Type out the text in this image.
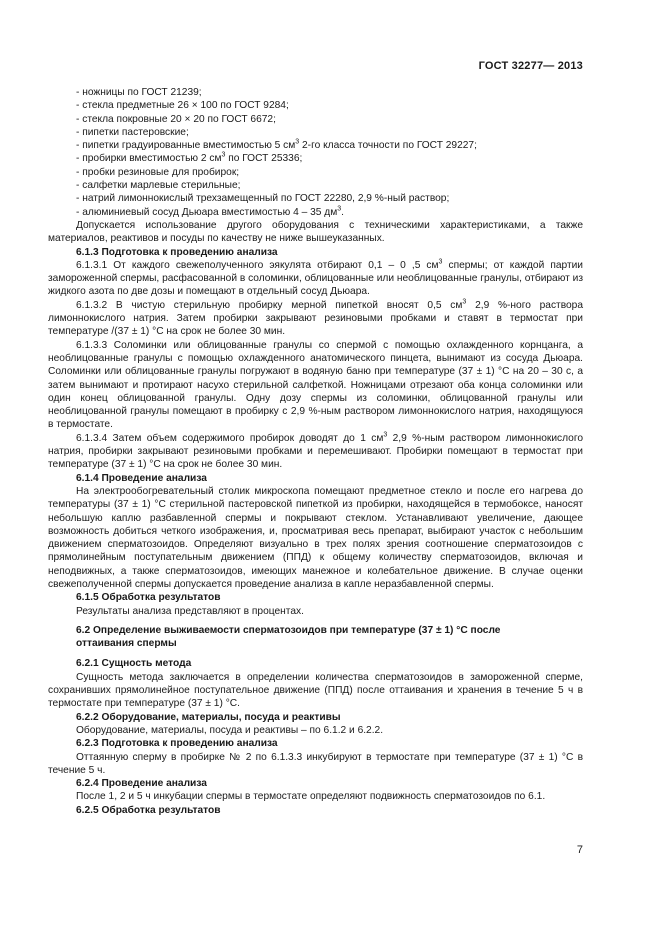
ГОСТ 32277— 2013
- ножницы по ГОСТ 21239;
- стекла предметные 26 × 100 по ГОСТ 9284;
- стекла покровные 20 × 20 по ГОСТ 6672;
- пипетки пастеровские;
- пипетки градуированные вместимостью 5 $см^3$ 2-го класса точности по ГОСТ 29227;
- пробирки вместимостью 2 $см^3$ по ГОСТ 25336;
- пробки резиновые для пробирок;
- салфетки марлевые стерильные;
- натрий лимоннокислый трехзамещенный по ГОСТ 22280, 2,9 %-ный раствор;
- алюминиевый сосуд Дьюара вместимостью 4 – 35 $дм^3$.
Допускается использование другого оборудования с техническими характеристиками, а также материалов, реактивов и посуды по качеству не ниже вышеуказанных.
6.1.3 Подготовка к проведению анализа
6.1.3.1 От каждого свежеполученного эякулята отбирают 0,1 – 0 ,5 $см^3$ спермы; от каждой партии замороженной спермы, расфасованной в соломинки, облицованные или необлицованные гранулы, отбирают из жидкого азота по две дозы и помещают в отдельный сосуд Дьюара.
6.1.3.2 В чистую стерильную пробирку мерной пипеткой вносят 0,5 $см^3$ 2,9 %-ного раствора лимоннокислого натрия. Затем пробирки закрывают резиновыми пробками и ставят в термостат при температуре /(37 ± 1) °С на срок не более 30 мин.
6.1.3.3 Соломинки или облицованные гранулы со спермой с помощью охлажденного корнцанга, а необлицованные гранулы с помощью охлажденного анатомического пинцета, вынимают из сосуда Дьюара. Соломинки или облицованные гранулы погружают в водяную баню при температуре (37 ± 1) °С на 20 – 30 с, а затем вынимают и протирают насухо стерильной салфеткой. Ножницами отрезают оба конца соломинки или один конец облицованной гранулы. Одну дозу спермы из соломинки, облицованной гранулы или необлицованной гранулы помещают в пробирку с 2,9 %-ным раствором лимоннокислого натрия, находящуюся в термостате.
6.1.3.4 Затем объем содержимого пробирок доводят до 1 $см^3$ 2,9 %-ным раствором лимоннокислого натрия, пробирки закрывают резиновыми пробками и перемешивают. Пробирки помещают в термостат при температуре (37 ± 1) °С на срок не более 30 мин.
6.1.4 Проведение анализа
На электрообогревательный столик микроскопа помещают предметное стекло и после его нагрева до температуры (37 ± 1) °С стерильной пастеровской пипеткой из пробирки, находящейся в термобоксе, наносят небольшую каплю разбавленной спермы и покрывают стеклом. Устанавливают увеличение, дающее возможность добиться четкого изображения, и, просматривая весь препарат, выбирают участок с небольшим движением сперматозоидов. Определяют визуально в трех полях зрения соотношение сперматозоидов с прямолинейным поступательным движением (ППД) к общему количеству сперматозоидов, включая и неподвижных, а также сперматозоидов, имеющих манежное и колебательное движение. В случае оценки свежеполученной спермы допускается проведение анализа в капле неразбавленной спермы.
6.1.5 Обработка результатов
Результаты анализа представляют в процентах.
6.2 Определение выживаемости сперматозоидов при температуре (37 ± 1) °С после
оттаивания спермы
6.2.1 Сущность метода
Сущность метода заключается в определении количества сперматозоидов в замороженной сперме, сохранивших прямолинейное поступательное движение (ППД) после оттаивания и хранения в течение 5 ч в термостате при температуре (37 ± 1) °С.
6.2.2 Оборудование, материалы, посуда и реактивы
Оборудование, материалы, посуда и реактивы – по 6.1.2 и 6.2.2.
6.2.3 Подготовка к проведению анализа
Оттаянную сперму в пробирке № 2 по 6.1.3.3 инкубируют в термостате при температуре (37 ± 1) °С в течение 5 ч.
6.2.4 Проведение анализа
После 1, 2 и 5 ч инкубации спермы в термостате определяют подвижность сперматозоидов по 6.1.
6.2.5 Обработка результатов
7
